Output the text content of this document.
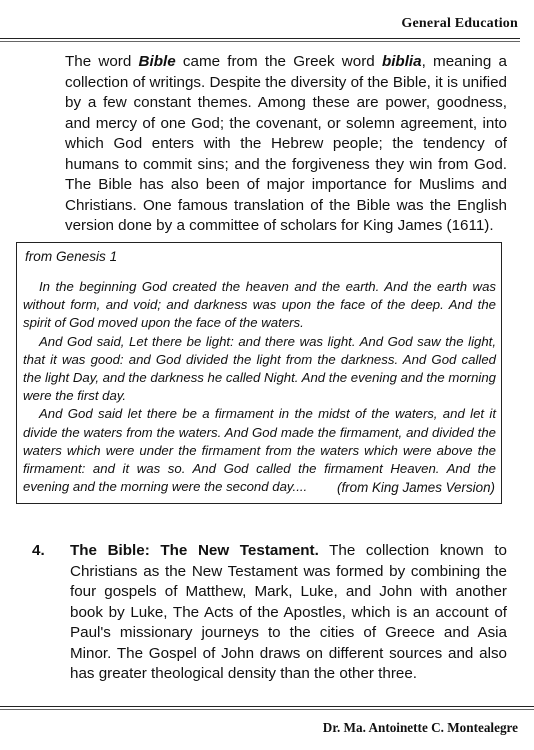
General Education
The word Bible came from the Greek word biblia, meaning a collection of writings. Despite the diversity of the Bible, it is unified by a few constant themes. Among these are power, goodness, and mercy of one God; the covenant, or solemn agreement, into which God enters with the Hebrew people; the tendency of humans to commit sins; and the forgiveness they win from God. The Bible has also been of major importance for Muslims and Christians. One famous translation of the Bible was the English version done by a committee of scholars for King James (1611).
from Genesis 1

In the beginning God created the heaven and the earth. And the earth was without form, and void; and darkness was upon the face of the deep. And the spirit of God moved upon the face of the waters.

And God said, Let there be light: and there was light. And God saw the light, that it was good: and God divided the light from the darkness. And God called the light Day, and the darkness he called Night. And the evening and the morning were the first day.

And God said let there be a firmament in the midst of the waters, and let it divide the waters from the waters. And God made the firmament, and divided the waters which were under the firmament from the waters which were above the firmament: and it was so. And God called the firmament Heaven. And the evening and the morning were the second day....	(from King James Version)
4. The Bible: The New Testament. The collection known to Christians as the New Testament was formed by combining the four gospels of Matthew, Mark, Luke, and John with another book by Luke, The Acts of the Apostles, which is an account of Paul's missionary journeys to the cities of Greece and Asia Minor. The Gospel of John draws on different sources and also has greater theological density than the other three.
Dr. Ma. Antoinette C. Montealegre
